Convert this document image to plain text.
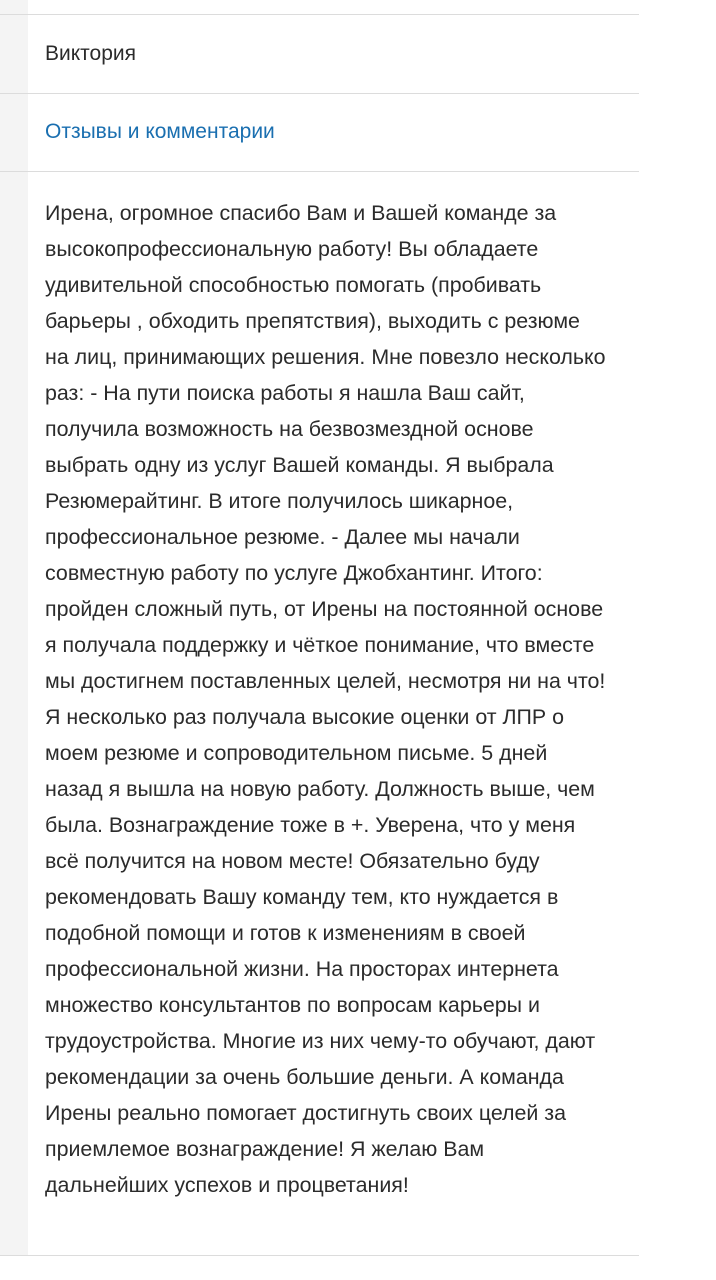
Виктория
Отзывы и комментарии

Ирена, огромное спасибо Вам и Вашей команде за высокопрофессиональную работу! Вы обладаете удивительной способностью помогать (пробивать барьеры , обходить препятствия), выходить с резюме на лиц, принимающих решения. Мне повезло несколько раз: - На пути поиска работы я нашла Ваш сайт, получила возможность на безвозмездной основе выбрать одну из услуг Вашей команды. Я выбрала Резюмерайтинг. В итоге получилось шикарное, профессиональное резюме. - Далее мы начали совместную работу по услуге Джобхантинг. Итого: пройден сложный путь, от Ирены на постоянной основе я получала поддержку и чёткое понимание, что вместе мы достигнем поставленных целей, несмотря ни на что! Я несколько раз получала высокие оценки от ЛПР о моем резюме и сопроводительном письме. 5 дней назад я вышла на новую работу. Должность выше, чем была. Вознаграждение тоже в +. Уверена, что у меня всё получится на новом месте! Обязательно буду рекомендовать Вашу команду тем, кто нуждается в подобной помощи и готов к изменениям в своей профессиональной жизни. На просторах интернета множество консультантов по вопросам карьеры и трудоустройства. Многие из них чему-то обучают, дают рекомендации за очень большие деньги. А команда Ирены реально помогает достигнуть своих целей за приемлемое вознаграждение! Я желаю Вам дальнейших успехов и процветания!
